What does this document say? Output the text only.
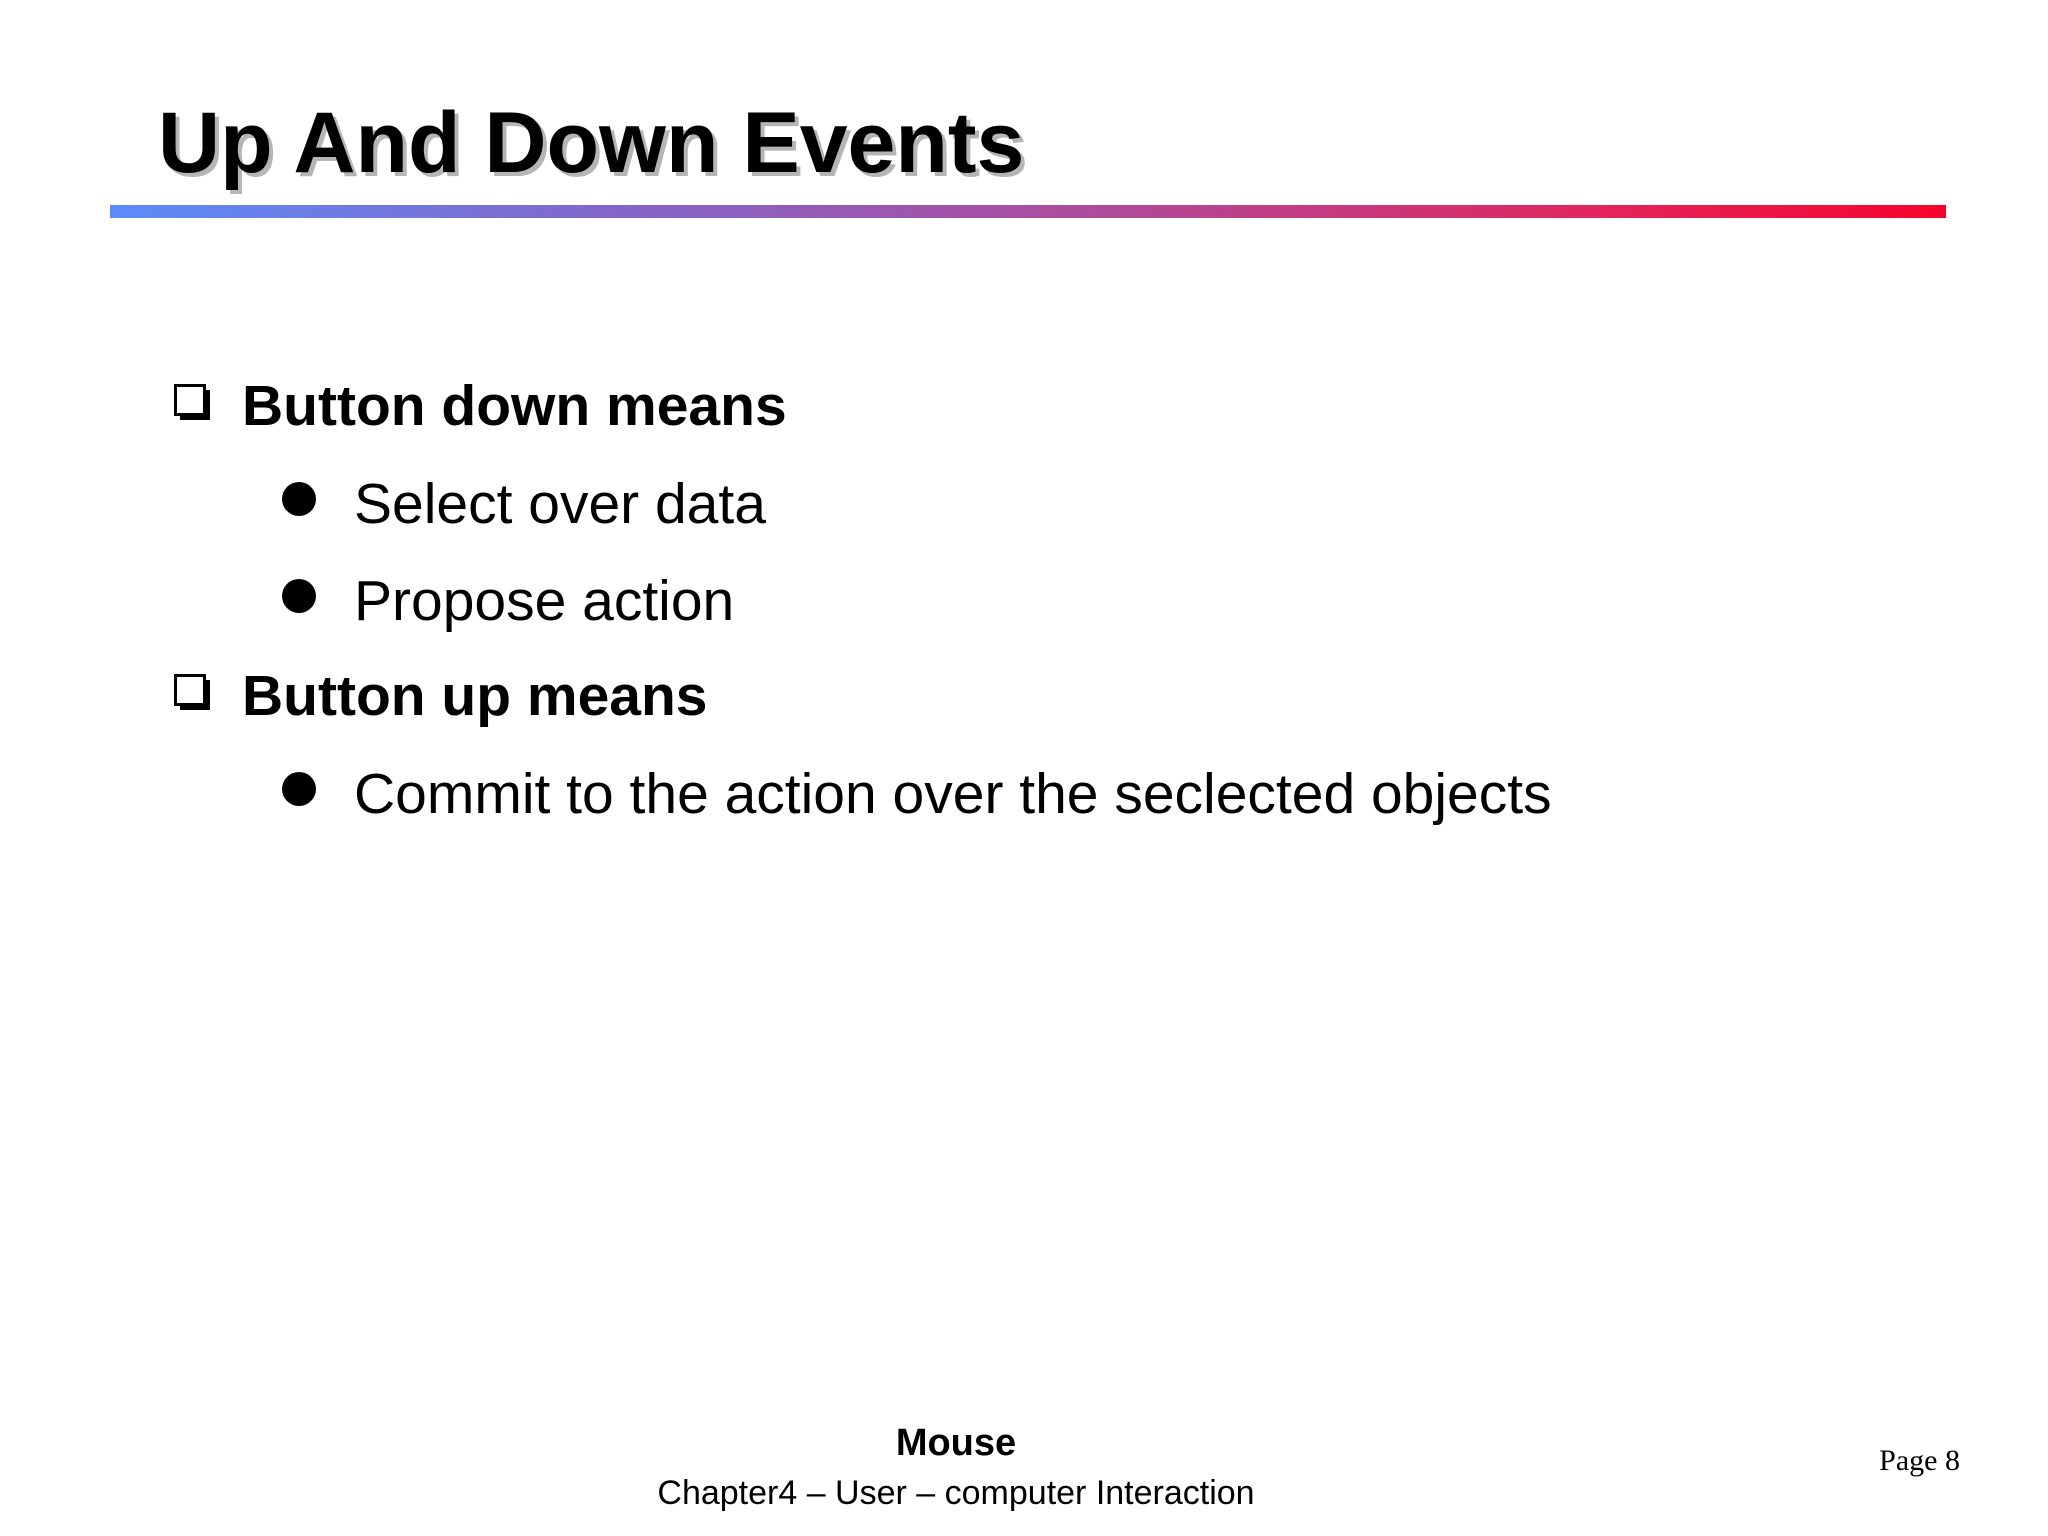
Up And Down Events
Button down means
Select over data
Propose action
Button up means
Commit to the action over the seclected objects
Mouse
Chapter4 – User – computer Interaction
Page 8
